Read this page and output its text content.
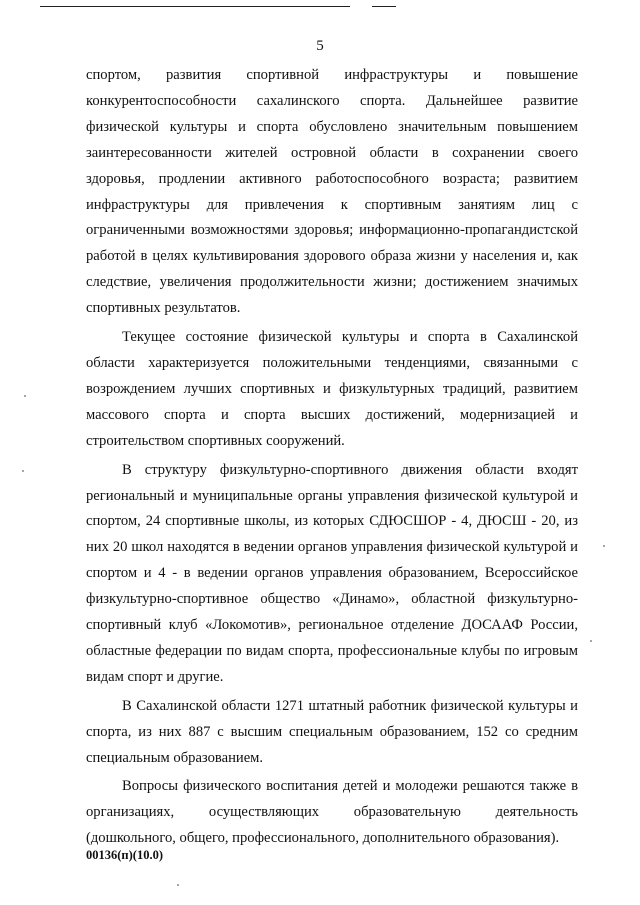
5

спортом, развития спортивной инфраструктуры и повышение конкурентоспособности сахалинского спорта. Дальнейшее развитие физической культуры и спорта обусловлено значительным повышением заинтересованности жителей островной области в сохранении своего здоровья, продлении активного работоспособного возраста; развитием инфраструктуры для привлечения к спортивным занятиям лиц с ограниченными возможностями здоровья; информационно-пропагандистской работой в целях культивирования здорового образа жизни у населения и, как следствие, увеличения продолжительности жизни; достижением значимых спортивных результатов.

Текущее состояние физической культуры и спорта в Сахалинской области характеризуется положительными тенденциями, связанными с возрождением лучших спортивных и физкультурных традиций, развитием массового спорта и спорта высших достижений, модернизацией и строительством спортивных сооружений.

В структуру физкультурно-спортивного движения области входят региональный и муниципальные органы управления физической культурой и спортом, 24 спортивные школы, из которых СДЮСШОР - 4, ДЮСШ - 20, из них 20 школ находятся в ведении органов управления физической культурой и спортом и 4 - в ведении органов управления образованием, Всероссийское физкультурно-спортивное общество «Динамо», областной физкультурно-спортивный клуб «Локомотив», региональное отделение ДОСААФ России, областные федерации по видам спорта, профессиональные клубы по игровым видам спорт и другие.

В Сахалинской области 1271 штатный работник физической культуры и спорта, из них 887 с высшим специальным образованием, 152 со средним специальным образованием.

Вопросы физического воспитания детей и молодежи решаются также в организациях, осуществляющих образовательную деятельность (дошкольного, общего, профессионального, дополнительного образования).

00136(п)(10.0)
